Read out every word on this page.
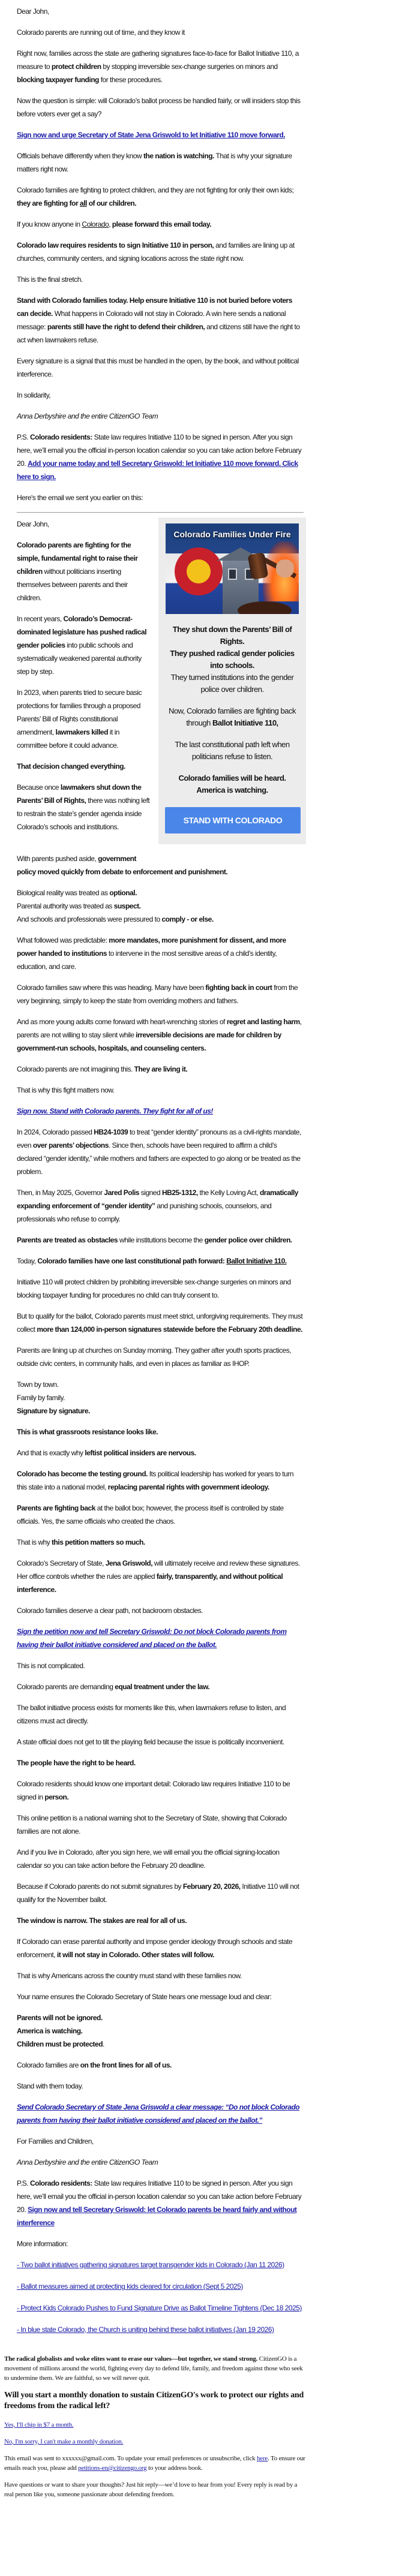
Dear John,

Colorado parents are running out of time, and they know it

Right now, families across the state are gathering signatures face-to-face for Ballot Initiative 110, a measure to protect children by stopping irreversible sex-change surgeries on minors and blocking taxpayer funding for these procedures.

Now the question is simple: will Colorado’s ballot process be handled fairly, or will insiders stop this before voters ever get a say?

Sign now and urge Secretary of State Jena Griswold to let Initiative 110 move forward.

Officials behave differently when they know the nation is watching. That is why your signature matters right now.

Colorado families are fighting to protect children, and they are not fighting for only their own kids; they are fighting for all of our children.

If you know anyone in Colorado, please forward this email today.

Colorado law requires residents to sign Initiative 110 in person, and families are lining up at churches, community centers, and signing locations across the state right now.

This is the final stretch.

Stand with Colorado families today. Help ensure Initiative 110 is not buried before voters can decide. What happens in Colorado will not stay in Colorado. A win here sends a national message: parents still have the right to defend their children, and citizens still have the right to act when lawmakers refuse.

Every signature is a signal that this must be handled in the open, by the book, and without political interference.

In solidarity,

Anna Derbyshire and the entire CitizenGO Team

P.S. Colorado residents: State law requires Initiative 110 to be signed in person. After you sign here, we’ll email you the official in-person location calendar so you can take action before February 20. Add your name today and tell Secretary Griswold: let Initiative 110 move forward. Click here to sign.

Here's the email we sent you earlier on this:

Colorado Families Under Fire

They shut down the Parents’ Bill of Rights.
They pushed radical gender policies into schools.
They turned institutions into the gender police over children.

Now, Colorado families are fighting back through Ballot Initiative 110,

The last constitutional path left when politicians refuse to listen.

Colorado families will be heard.
America is watching.

STAND WITH COLORADO

Dear John,

Colorado parents are fighting for the simple, fundamental right to raise their children without politicians inserting themselves between parents and their children.

In recent years, Colorado’s Democrat-dominated legislature has pushed radical gender policies into public schools and systematically weakened parental authority step by step.

In 2023, when parents tried to secure basic protections for families through a proposed Parents’ Bill of Rights constitutional amendment, lawmakers killed it in committee before it could advance.

That decision changed everything.

Because once lawmakers shut down the Parents’ Bill of Rights, there was nothing left to restrain the state’s gender agenda inside Colorado’s schools and institutions.

With parents pushed aside, government
policy moved quickly from debate to enforcement and punishment.

Biological reality was treated as optional.
Parental authority was treated as suspect.
And schools and professionals were pressured to comply - or else.

What followed was predictable: more mandates, more punishment for dissent, and more power handed to institutions to intervene in the most sensitive areas of a child’s identity, education, and care.

Colorado families saw where this was heading. Many have been fighting back in court from the very beginning, simply to keep the state from overriding mothers and fathers.

And as more young adults come forward with heart-wrenching stories of regret and lasting harm, parents are not willing to stay silent while irreversible decisions are made for children by government-run schools, hospitals, and counseling centers.

Colorado parents are not imagining this. They are living it.

That is why this fight matters now.

Sign now. Stand with Colorado parents. They fight for all of us!

In 2024, Colorado passed HB24-1039 to treat “gender identity” pronouns as a civil-rights mandate, even over parents’ objections. Since then, schools have been required to affirm a child’s declared “gender identity,” while mothers and fathers are expected to go along or be treated as the problem.

Then, in May 2025, Governor Jared Polis signed HB25-1312, the Kelly Loving Act, dramatically expanding enforcement of “gender identity” and punishing schools, counselors, and professionals who refuse to comply.

Parents are treated as obstacles while institutions become the gender police over children.

Today, Colorado families have one last constitutional path forward: Ballot Initiative 110.

Initiative 110 will protect children by prohibiting irreversible sex-change surgeries on minors and blocking taxpayer funding for procedures no child can truly consent to.

But to qualify for the ballot, Colorado parents must meet strict, unforgiving requirements. They must collect more than 124,000 in-person signatures statewide before the February 20th deadline.

Parents are lining up at churches on Sunday morning. They gather after youth sports practices, outside civic centers, in community halls, and even in places as familiar as IHOP.

Town by town.
Family by family.
Signature by signature.

This is what grassroots resistance looks like.

And that is exactly why leftist political insiders are nervous.

Colorado has become the testing ground. Its political leadership has worked for years to turn this state into a national model, replacing parental rights with government ideology.

Parents are fighting back at the ballot box; however, the process itself is controlled by state officials. Yes, the same officials who created the chaos.

That is why this petition matters so much.

Colorado’s Secretary of State, Jena Griswold, will ultimately receive and review these signatures. Her office controls whether the rules are applied fairly, transparently, and without political interference.

Colorado families deserve a clear path, not backroom obstacles.

Sign the petition now and tell Secretary Griswold: Do not block Colorado parents from having their ballot initiative considered and placed on the ballot.

This is not complicated.

Colorado parents are demanding equal treatment under the law.

The ballot initiative process exists for moments like this, when lawmakers refuse to listen, and citizens must act directly.

A state official does not get to tilt the playing field because the issue is politically inconvenient.

The people have the right to be heard.

Colorado residents should know one important detail: Colorado law requires Initiative 110 to be signed in person.

This online petition is a national warning shot to the Secretary of State, showing that Colorado families are not alone.

And if you live in Colorado, after you sign here, we will email you the official signing-location calendar so you can take action before the February 20 deadline.

Because if Colorado parents do not submit signatures by February 20, 2026, Initiative 110 will not qualify for the November ballot.

The window is narrow. The stakes are real for all of us.

If Colorado can erase parental authority and impose gender ideology through schools and state enforcement, it will not stay in Colorado. Other states will follow.

That is why Americans across the country must stand with these families now.

Your name ensures the Colorado Secretary of State hears one message loud and clear:

Parents will not be ignored.
America is watching.
Children must be protected.

Colorado families are on the front lines for all of us.

Stand with them today.

Send Colorado Secretary of State Jena Griswold a clear message: “Do not block Colorado parents from having their ballot initiative considered and placed on the ballot.”

For Families and Children,

Anna Derbyshire and the entire CitizenGO Team

P.S. Colorado residents: State law requires Initiative 110 to be signed in person. After you sign here, we’ll email you the official in-person location calendar so you can take action before February 20. Sign now and tell Secretary Griswold: let Colorado parents be heard fairly and without interference

More information:

- Two ballot initiatives gathering signatures target transgender kids in Colorado (Jan 11 2026)
- Ballot measures aimed at protecting kids cleared for circulation (Sept 5 2025)
- Protect Kids Colorado Pushes to Fund Signature Drive as Ballot Timeline Tightens (Dec 18 2025)
- In blue state Colorado, the Church is uniting behind these ballot initiatives (Jan 19 2026)

The radical globalists and woke elites want to erase our values—but together, we stand strong. CitizenGO is a movement of millions around the world, fighting every day to defend life, family, and freedom against those who seek to undermine them. We are faithful, so we will never quit.

Will you start a monthly donation to sustain CitizenGO's work to protect our rights and freedoms from the radical left?

Yes, I'll chip in $7 a month.

No, I'm sorry, I can't make a monthly donation.

This email was sent to xxxxxx@gmail.com. To update your email preferences or unsubscribe, click here. To ensure our emails reach you, please add petitions-en@citizengo.org to your address book.

Have questions or want to share your thoughts? Just hit reply—we’d love to hear from you! Every reply is read by a real person like you, someone passionate about defending freedom.
